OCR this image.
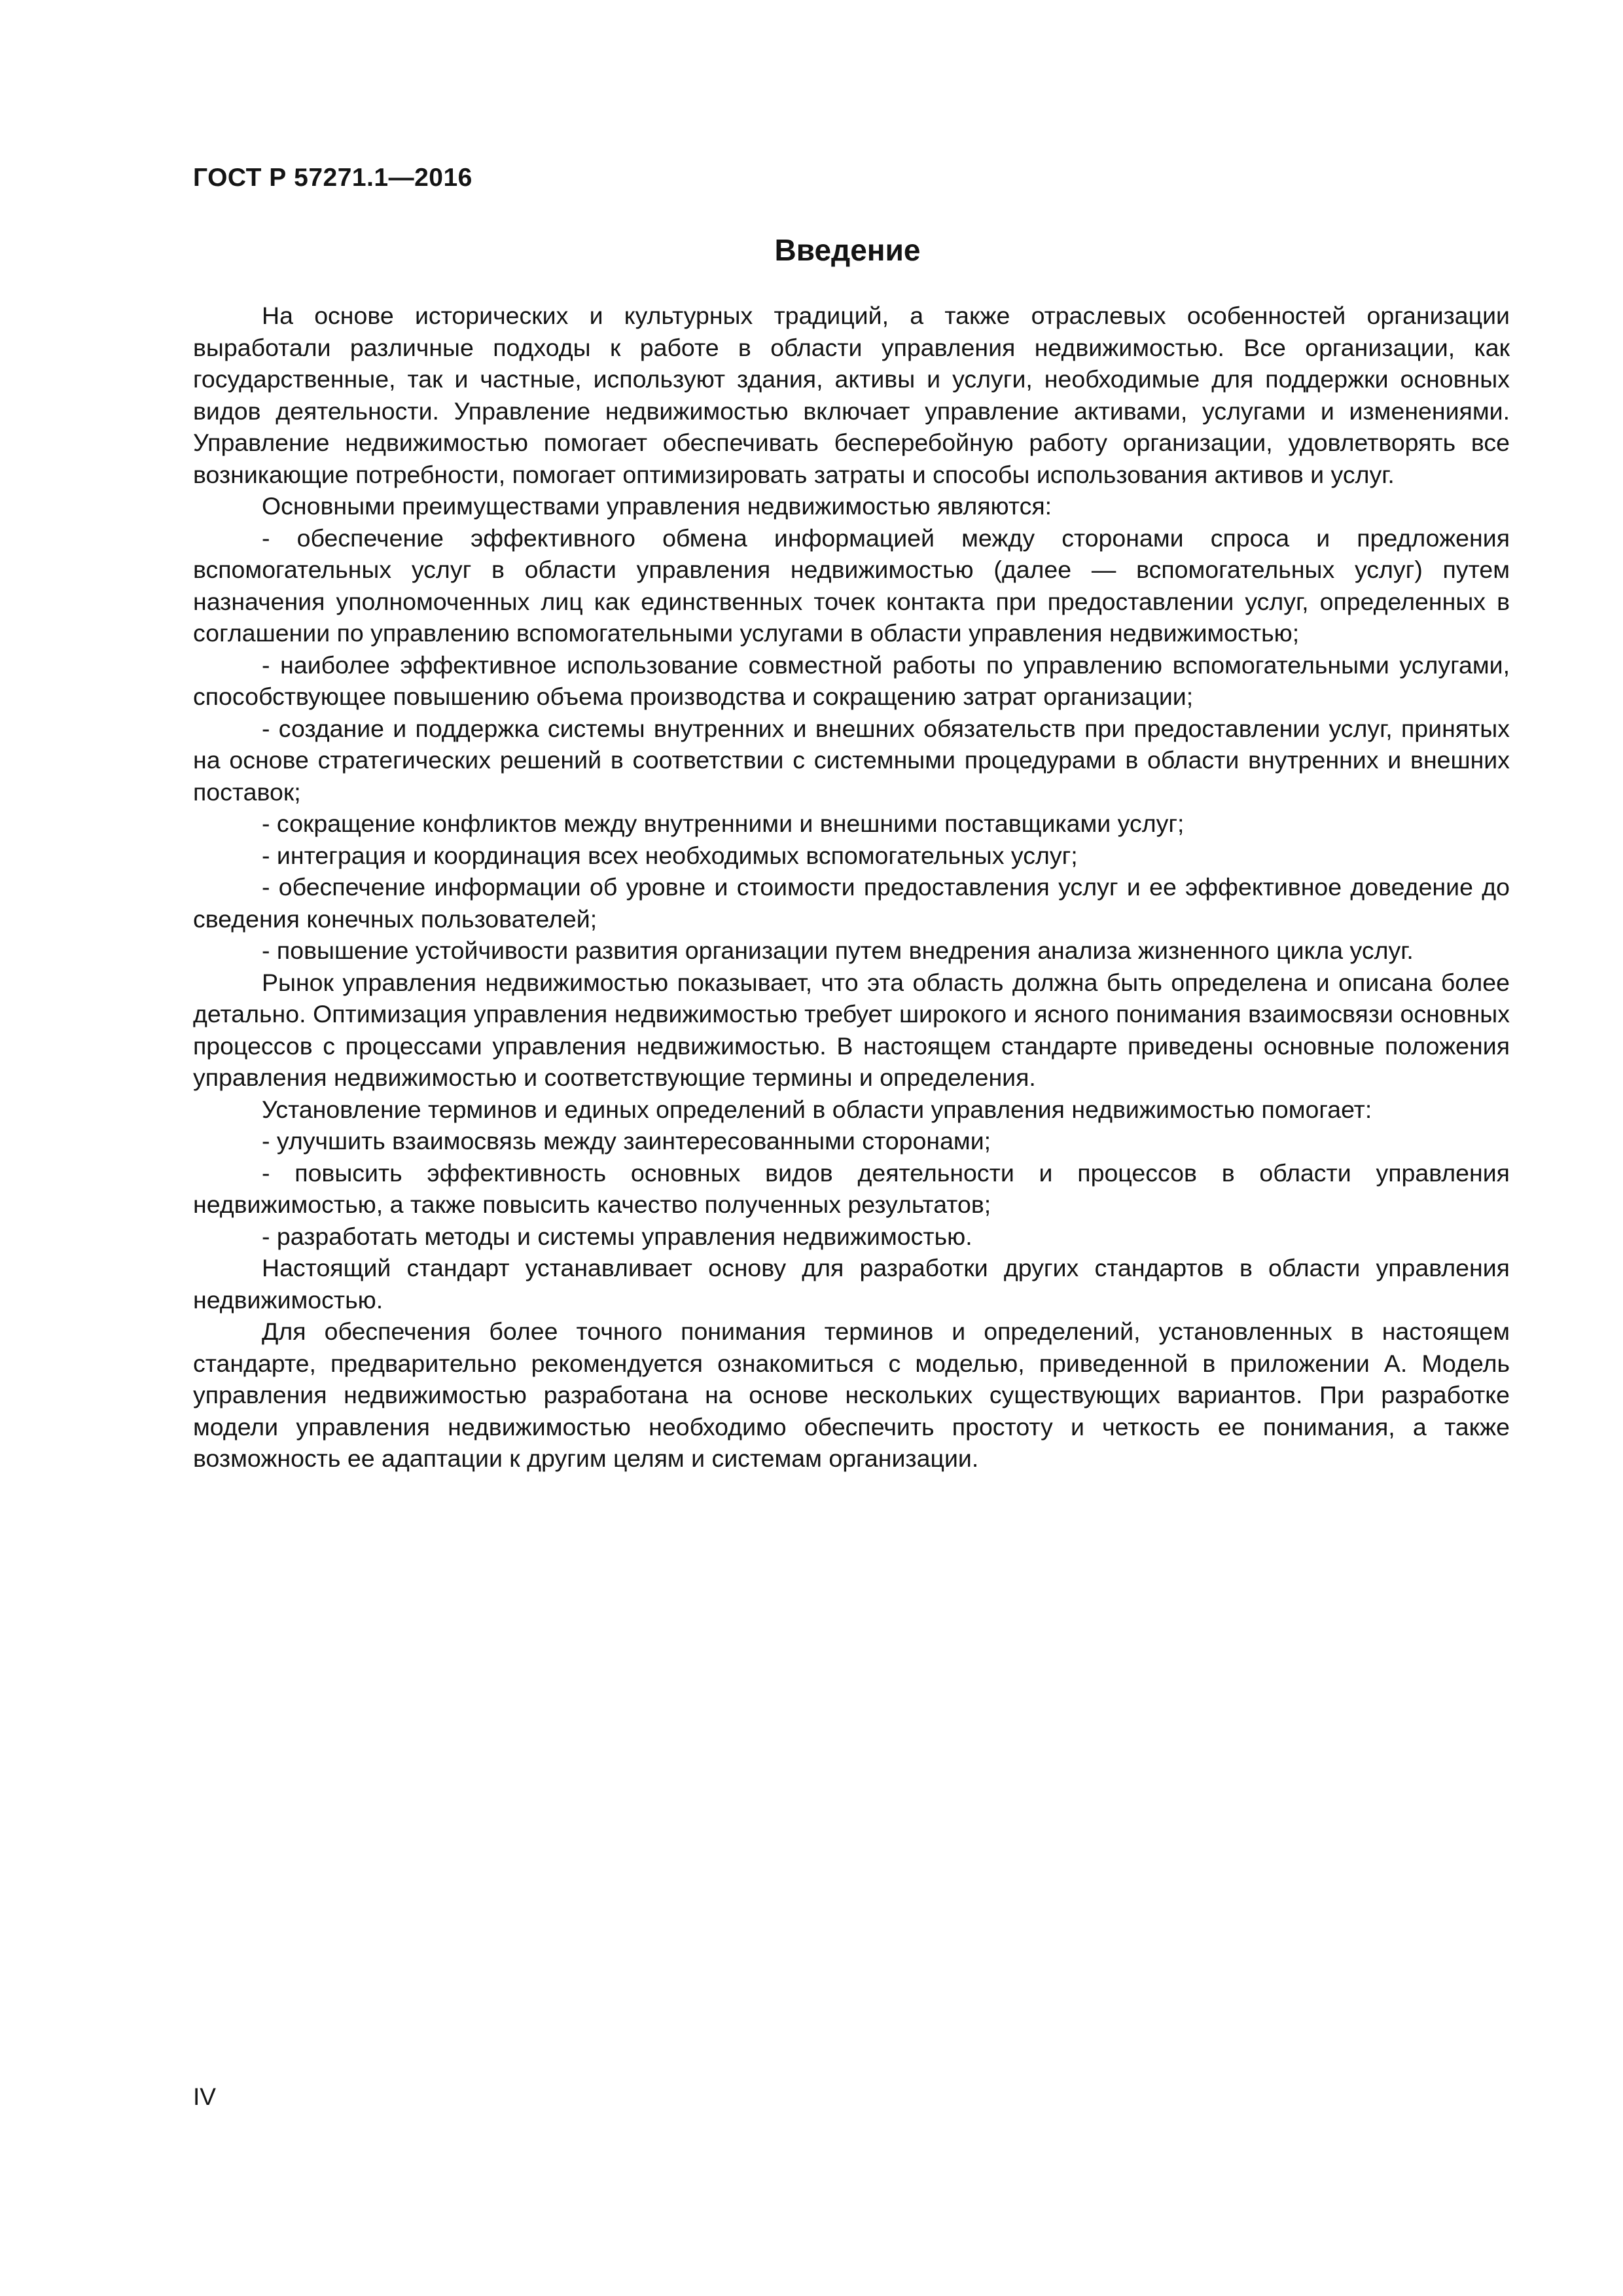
ГОСТ Р 57271.1—2016
Введение

На основе исторических и культурных традиций, а также отраслевых особенностей организации выработали различные подходы к работе в области управления недвижимостью. Все организации, как государственные, так и частные, используют здания, активы и услуги, необходимые для поддержки основных видов деятельности. Управление недвижимостью включает управление активами, услугами и изменениями. Управление недвижимостью помогает обеспечивать бесперебойную работу организации, удовлетворять все возникающие потребности, помогает оптимизировать затраты и способы использования активов и услуг.

Основными преимуществами управления недвижимостью являются:

- обеспечение эффективного обмена информацией между сторонами спроса и предложения вспомогательных услуг в области управления недвижимостью (далее — вспомогательных услуг) путем назначения уполномоченных лиц как единственных точек контакта при предоставлении услуг, определенных в соглашении по управлению вспомогательными услугами в области управления недвижимостью;

- наиболее эффективное использование совместной работы по управлению вспомогательными услугами, способствующее повышению объема производства и сокращению затрат организации;

- создание и поддержка системы внутренних и внешних обязательств при предоставлении услуг, принятых на основе стратегических решений в соответствии с системными процедурами в области внутренних и внешних поставок;

- сокращение конфликтов между внутренними и внешними поставщиками услуг;

- интеграция и координация всех необходимых вспомогательных услуг;

- обеспечение информации об уровне и стоимости предоставления услуг и ее эффективное доведение до сведения конечных пользователей;

- повышение устойчивости развития организации путем внедрения анализа жизненного цикла услуг.

Рынок управления недвижимостью показывает, что эта область должна быть определена и описана более детально. Оптимизация управления недвижимостью требует широкого и ясного понимания взаимосвязи основных процессов с процессами управления недвижимостью. В настоящем стандарте приведены основные положения управления недвижимостью и соответствующие термины и определения.

Установление терминов и единых определений в области управления недвижимостью помогает:

- улучшить взаимосвязь между заинтересованными сторонами;

- повысить эффективность основных видов деятельности и процессов в области управления недвижимостью, а также повысить качество полученных результатов;

- разработать методы и системы управления недвижимостью.

Настоящий стандарт устанавливает основу для разработки других стандартов в области управления недвижимостью.

Для обеспечения более точного понимания терминов и определений, установленных в настоящем стандарте, предварительно рекомендуется ознакомиться с моделью, приведенной в приложении А. Модель управления недвижимостью разработана на основе нескольких существующих вариантов. При разработке модели управления недвижимостью необходимо обеспечить простоту и четкость ее понимания, а также возможность ее адаптации к другим целям и системам организации.

IV
